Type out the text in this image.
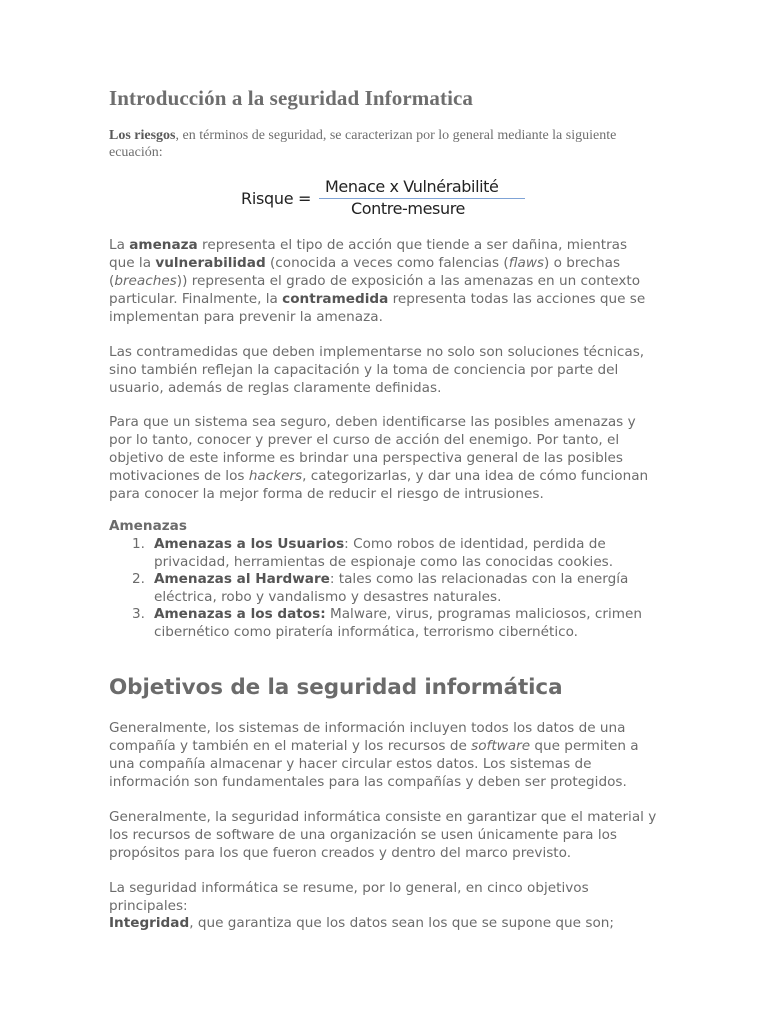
Introducción a la seguridad Informatica

Los riesgos, en términos de seguridad, se caracterizan por lo general mediante la siguiente ecuación:

Risque =
Menace x Vulnérabilité
Contre-mesure

La amenaza representa el tipo de acción que tiende a ser dañina, mientras que la vulnerabilidad (conocida a veces como falencias (flaws) o brechas (breaches)) representa el grado de exposición a las amenazas en un contexto particular. Finalmente, la contramedida representa todas las acciones que se implementan para prevenir la amenaza.

Las contramedidas que deben implementarse no solo son soluciones técnicas, sino también reflejan la capacitación y la toma de conciencia por parte del usuario, además de reglas claramente definidas.

Para que un sistema sea seguro, deben identificarse las posibles amenazas y por lo tanto, conocer y prever el curso de acción del enemigo. Por tanto, el objetivo de este informe es brindar una perspectiva general de las posibles motivaciones de los hackers, categorizarlas, y dar una idea de cómo funcionan para conocer la mejor forma de reducir el riesgo de intrusiones.

Amenazas

1. Amenazas a los Usuarios: Como robos de identidad, perdida de privacidad, herramientas de espionaje como las conocidas cookies.
2. Amenazas al Hardware: tales como las relacionadas con la energía eléctrica, robo y vandalismo y desastres naturales.
3. Amenazas a los datos: Malware, virus, programas maliciosos, crimen cibernético como piratería informática, terrorismo cibernético.
Objetivos de la seguridad informática

Generalmente, los sistemas de información incluyen todos los datos de una compañía y también en el material y los recursos de software que permiten a una compañía almacenar y hacer circular estos datos. Los sistemas de información son fundamentales para las compañías y deben ser protegidos.

Generalmente, la seguridad informática consiste en garantizar que el material y los recursos de software de una organización se usen únicamente para los propósitos para los que fueron creados y dentro del marco previsto.

La seguridad informática se resume, por lo general, en cinco objetivos principales:

Integridad, que garantiza que los datos sean los que se supone que son;
